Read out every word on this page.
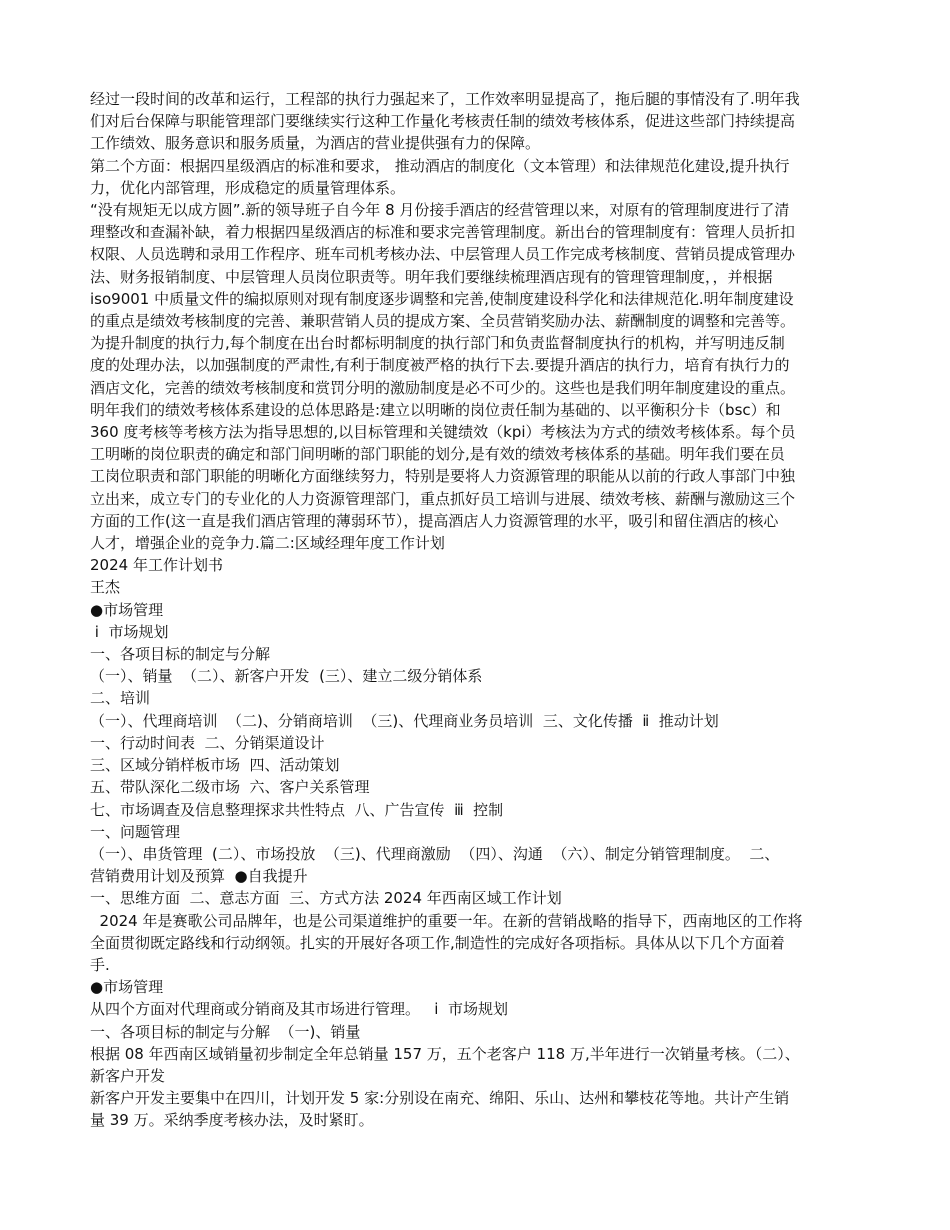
经过一段时间的改革和运行，工程部的执行力强起来了，工作效率明显提高了，拖后腿的事情没有了.明年我

们对后台保障与职能管理部门要继续实行这种工作量化考核责任制的绩效考核体系，促进这些部门持续提高

工作绩效、服务意识和服务质量，为酒店的营业提供强有力的保障。

第二个方面：根据四星级酒店的标准和要求， 推动酒店的制度化（文本管理）和法律规范化建设,提升执行

力，优化内部管理，形成稳定的质量管理体系。

“没有规矩无以成方圆”.新的领导班子自今年 8 月份接手酒店的经营管理以来，对原有的管理制度进行了清

理整改和查漏补缺，着力根据四星级酒店的标准和要求完善管理制度。新出台的管理制度有：管理人员折扣

权限、人员选聘和录用工作程序、班车司机考核办法、中层管理人员工作完成考核制度、营销员提成管理办

法、财务报销制度、中层管理人员岗位职责等。明年我们要继续梳理酒店现有的管理管理制度，，并根据

iso9001 中质量文件的编拟原则对现有制度逐步调整和完善,使制度建设科学化和法律规范化.明年制度建设

的重点是绩效考核制度的完善、兼职营销人员的提成方案、全员营销奖励办法、薪酬制度的调整和完善等。

为提升制度的执行力,每个制度在出台时都标明制度的执行部门和负责监督制度执行的机构，并写明违反制

度的处理办法，以加强制度的严肃性,有利于制度被严格的执行下去.要提升酒店的执行力，培育有执行力的

酒店文化，完善的绩效考核制度和赏罚分明的激励制度是必不可少的。这些也是我们明年制度建设的重点。

明年我们的绩效考核体系建设的总体思路是:建立以明晰的岗位责任制为基础的、以平衡积分卡（bsc）和

360 度考核等考核方法为指导思想的,以目标管理和关键绩效（kpi）考核法为方式的绩效考核体系。每个员

工明晰的岗位职责的确定和部门间明晰的部门职能的划分,是有效的绩效考核体系的基础。明年我们要在员

工岗位职责和部门职能的明晰化方面继续努力，特别是要将人力资源管理的职能从以前的行政人事部门中独

立出来，成立专门的专业化的人力资源管理部门，重点抓好员工培训与进展、绩效考核、薪酬与激励这三个

方面的工作(这一直是我们酒店管理的薄弱环节），提高酒店人力资源管理的水平，吸引和留住酒店的核心

人才，增强企业的竞争力.篇二:区域经理年度工作计划

2024 年工作计划书

王杰

●市场管理

ⅰ  市场规划

一、各项目标的制定与分解

（一）、销量  （二）、新客户开发  (三）、建立二级分销体系

二、培训

（一）、代理商培训  （二)、分销商培训  （三)、代理商业务员培训  三、文化传播  ⅱ  推动计划

一、行动时间表  二、分销渠道设计

三、区域分销样板市场  四、活动策划

五、带队深化二级市场  六、客户关系管理

七、市场调查及信息整理探求共性特点  八、广告宣传  ⅲ  控制

一、问题管理

（一）、串货管理  (二）、市场投放  （三)、代理商激励  （四）、沟通  （六）、制定分销管理制度。  二、

营销费用计划及预算  ●自我提升

一、思维方面  二、意志方面  三、方式方法 2024 年西南区域工作计划

2024 年是赛歌公司品牌年，也是公司渠道维护的重要一年。在新的营销战略的指导下，西南地区的工作将

全面贯彻既定路线和行动纲领。扎实的开展好各项工作,制造性的完成好各项指标。具体从以下几个方面着

手.

●市场管理

从四个方面对代理商或分销商及其市场进行管理。   ⅰ  市场规划

一、各项目标的制定与分解  （一)、销量

根据 08 年西南区域销量初步制定全年总销量 157 万，五个老客户 118 万,半年进行一次销量考核。（二）、

新客户开发

新客户开发主要集中在四川，计划开发 5 家:分别设在南充、绵阳、乐山、达州和攀枝花等地。共计产生销

量 39 万。采纳季度考核办法，及时紧盯。
